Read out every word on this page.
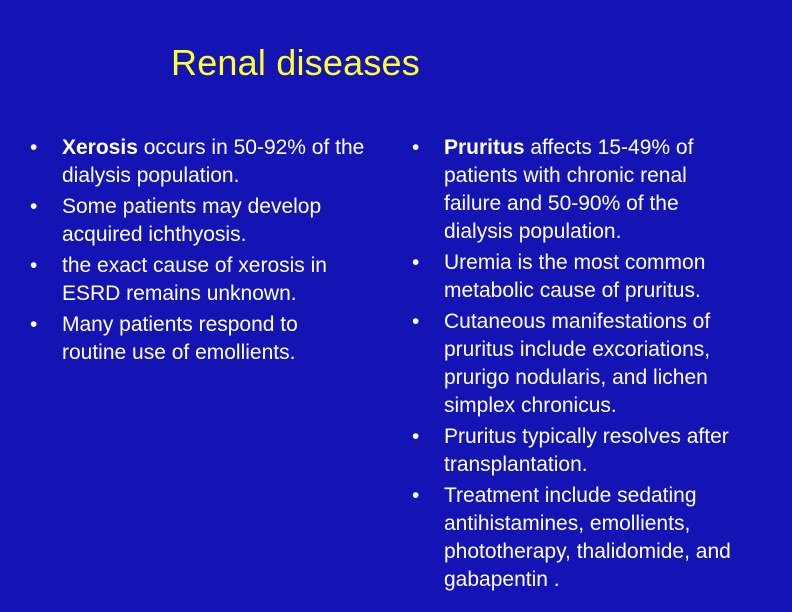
Renal diseases
•	Xerosis occurs in 50-92% of the
dialysis population.
•	Some patients may develop
acquired ichthyosis.
•	the exact cause of xerosis in
ESRD remains unknown.
•	Many patients respond to
routine use of emollients.
•	Pruritus affects 15-49% of
patients with chronic renal
failure and 50-90% of the
dialysis population.
•	Uremia is the most common
metabolic cause of pruritus.
•	Cutaneous manifestations of
pruritus include excoriations,
prurigo nodularis, and lichen
simplex chronicus.
•	Pruritus typically resolves after
transplantation.
•	Treatment include sedating
antihistamines, emollients,
phototherapy, thalidomide, and
gabapentin .
